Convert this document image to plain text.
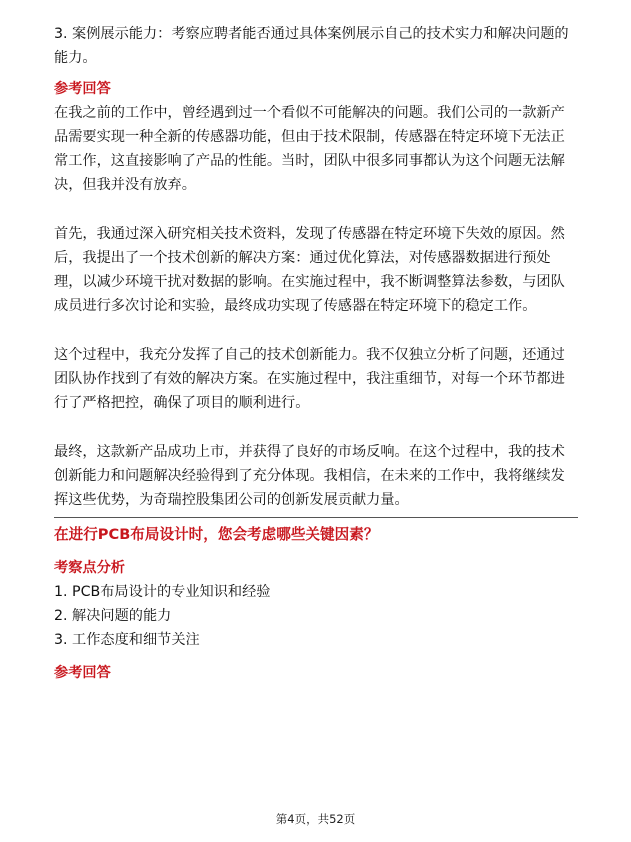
3. 案例展示能力：考察应聘者能否通过具体案例展示自己的技术实力和解决问题的

能力。

参考回答

在我之前的工作中，曾经遇到过一个看似不可能解决的问题。我们公司的一款新产

品需要实现一种全新的传感器功能，但由于技术限制，传感器在特定环境下无法正

常工作，这直接影响了产品的性能。当时，团队中很多同事都认为这个问题无法解

决，但我并没有放弃。

首先，我通过深入研究相关技术资料，发现了传感器在特定环境下失效的原因。然

后，我提出了一个技术创新的解决方案：通过优化算法，对传感器数据进行预处

理，以减少环境干扰对数据的影响。在实施过程中，我不断调整算法参数，与团队

成员进行多次讨论和实验，最终成功实现了传感器在特定环境下的稳定工作。

这个过程中，我充分发挥了自己的技术创新能力。我不仅独立分析了问题，还通过

团队协作找到了有效的解决方案。在实施过程中，我注重细节，对每一个环节都进

行了严格把控，确保了项目的顺利进行。

最终，这款新产品成功上市，并获得了良好的市场反响。在这个过程中，我的技术

创新能力和问题解决经验得到了充分体现。我相信，在未来的工作中，我将继续发

挥这些优势，为奇瑞控股集团公司的创新发展贡献力量。

在进行PCB布局设计时，您会考虑哪些关键因素？

考察点分析

1. PCB布局设计的专业知识和经验

2. 解决问题的能力

3. 工作态度和细节关注

参考回答

第4页，共52页
